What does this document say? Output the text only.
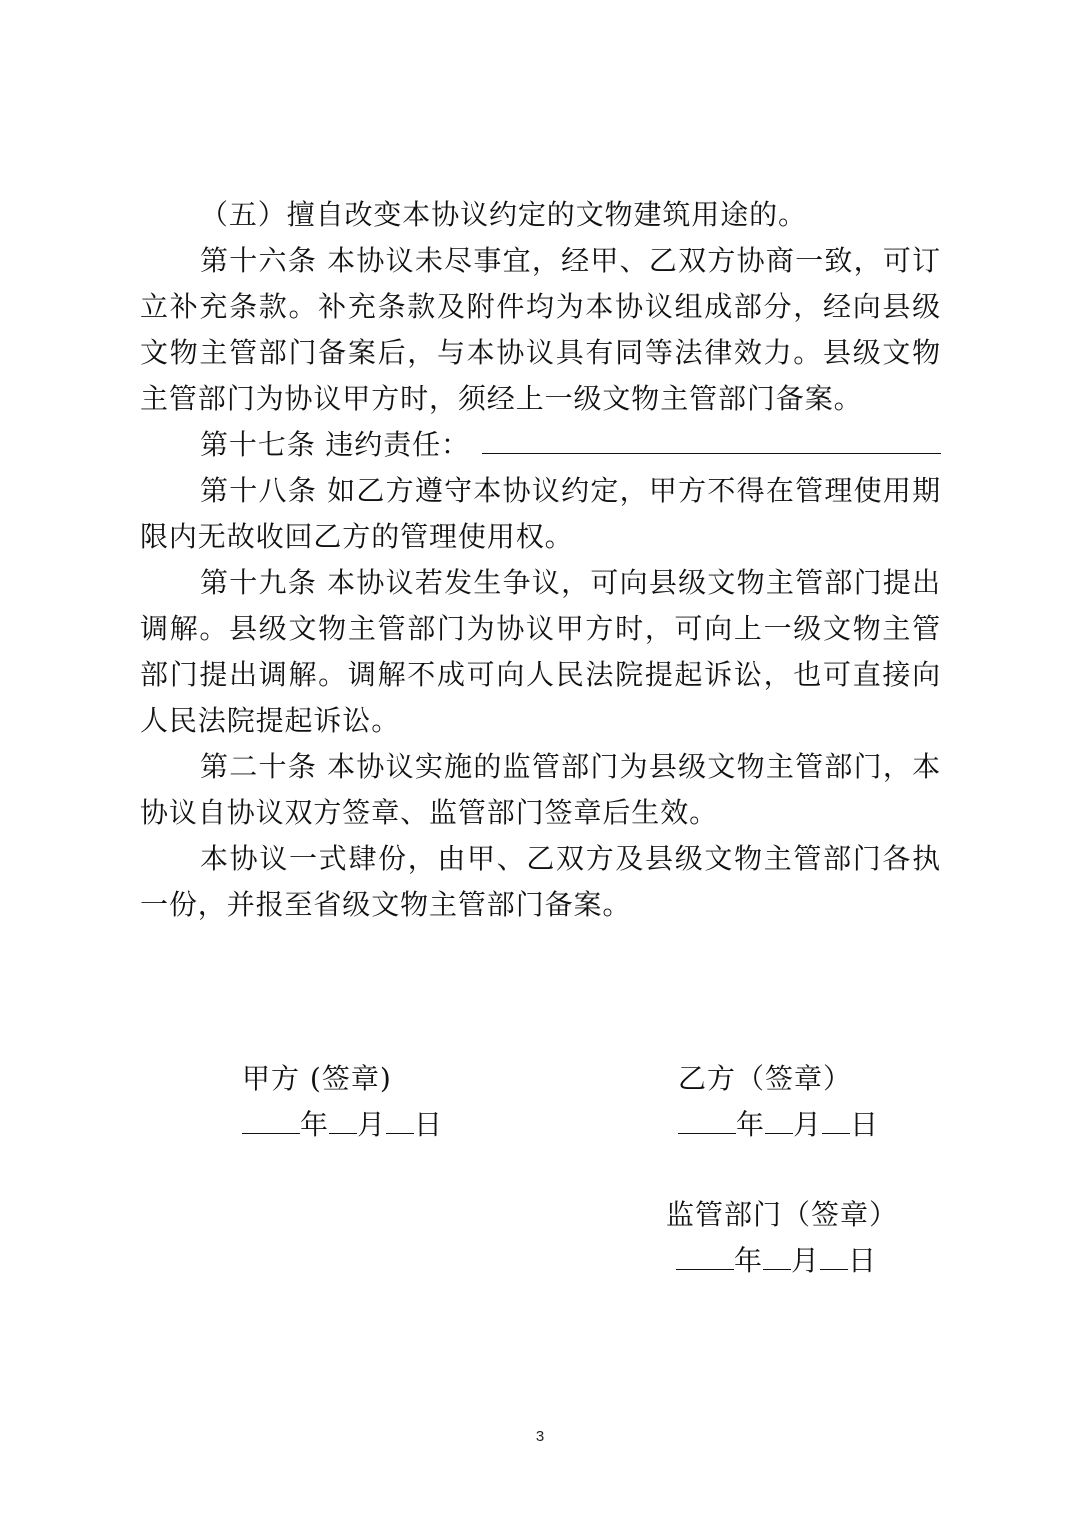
（五）擅自改变本协议约定的文物建筑用途的。

第十六条 本协议未尽事宜，经甲、乙双方协商一致，可订立补充条款。补充条款及附件均为本协议组成部分，经向县级文物主管部门备案后，与本协议具有同等法律效力。县级文物主管部门为协议甲方时，须经上一级文物主管部门备案。

第十七条 违约责任：

第十八条 如乙方遵守本协议约定，甲方不得在管理使用期限内无故收回乙方的管理使用权。

第十九条 本协议若发生争议，可向县级文物主管部门提出调解。县级文物主管部门为协议甲方时，可向上一级文物主管部门提出调解。调解不成可向人民法院提起诉讼，也可直接向人民法院提起诉讼。

第二十条 本协议实施的监管部门为县级文物主管部门，本协议自协议双方签章、监管部门签章后生效。

本协议一式肆份，由甲、乙双方及县级文物主管部门各执一份，并报至省级文物主管部门备案。

甲方 (签章)
年 月 日
乙方（签章）
年 月 日
监管部门（签章）
年 月 日
3
